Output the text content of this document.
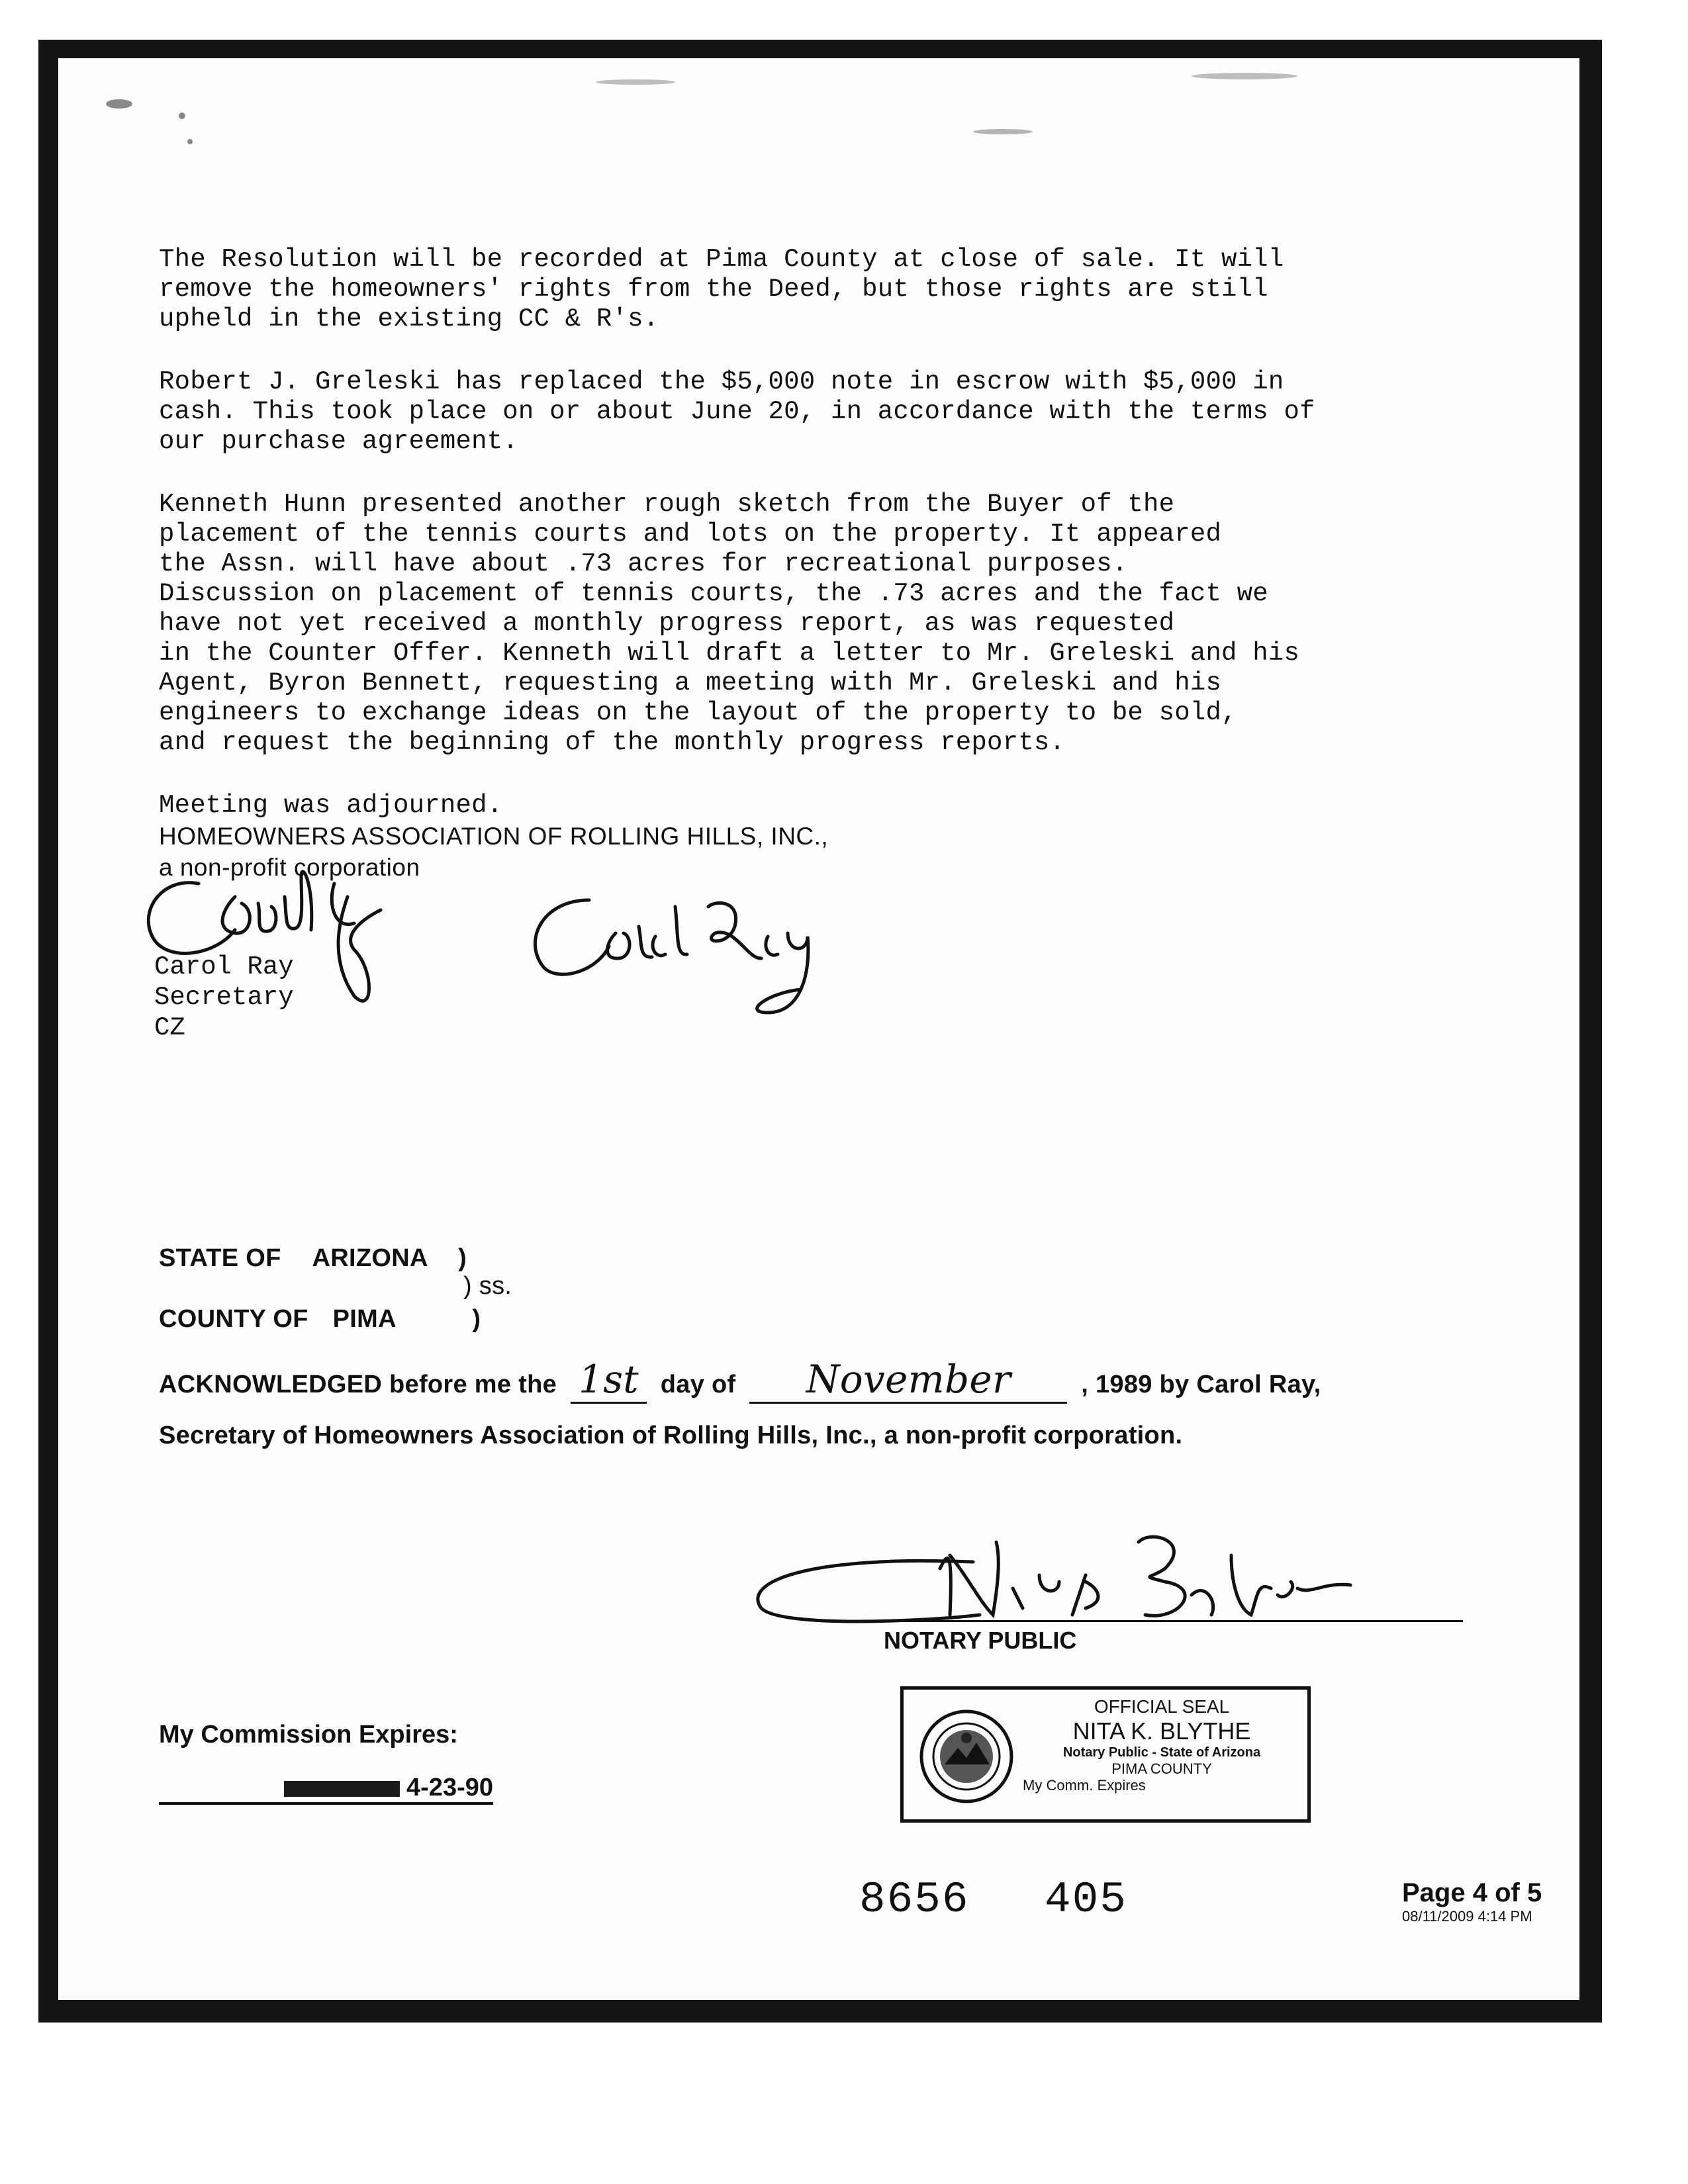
The Resolution will be recorded at Pima County at close of sale. It will
remove the homeowners' rights from the Deed, but those rights are still
upheld in the existing CC & R's.

Robert J. Greleski has replaced the $5,000 note in escrow with $5,000 in
cash. This took place on or about June 20, in accordance with the terms of
our purchase agreement.

Kenneth Hunn presented another rough sketch from the Buyer of the
placement of the tennis courts and lots on the property. It appeared
the Assn. will have about .73 acres for recreational purposes.
Discussion on placement of tennis courts, the .73 acres and the fact we
have not yet received a monthly progress report, as was requested
in the Counter Offer. Kenneth will draft a letter to Mr. Greleski and his
Agent, Byron Bennett, requesting a meeting with Mr. Greleski and his
engineers to exchange ideas on the layout of the property to be sold,
and request the beginning of the monthly progress reports.

Meeting was adjourned.

HOMEOWNERS ASSOCIATION OF ROLLING HILLS, INC.,

a non-profit corporation	Carol Ray
Carol Ray
Secretary
CZ
STATE OF ARIZONA )
) ss.
COUNTY OF PIMA	)
ACKNOWLEDGED before me the 1st day of November	, 1989 by Carol Ray,
Secretary of Homeowners Association of Rolling Hills, Inc., a non-profit corporation.
Nita K. Blythe
NOTARY PUBLIC
My Commission Expires:
4-23-90
OFFICIAL SEAL
NITA K. BLYTHE
Notary Public - State of Arizona
PIMA COUNTY
My Comm. Expires
8656 405	Page 4 of 5
08/11/2009 4:14 PM
